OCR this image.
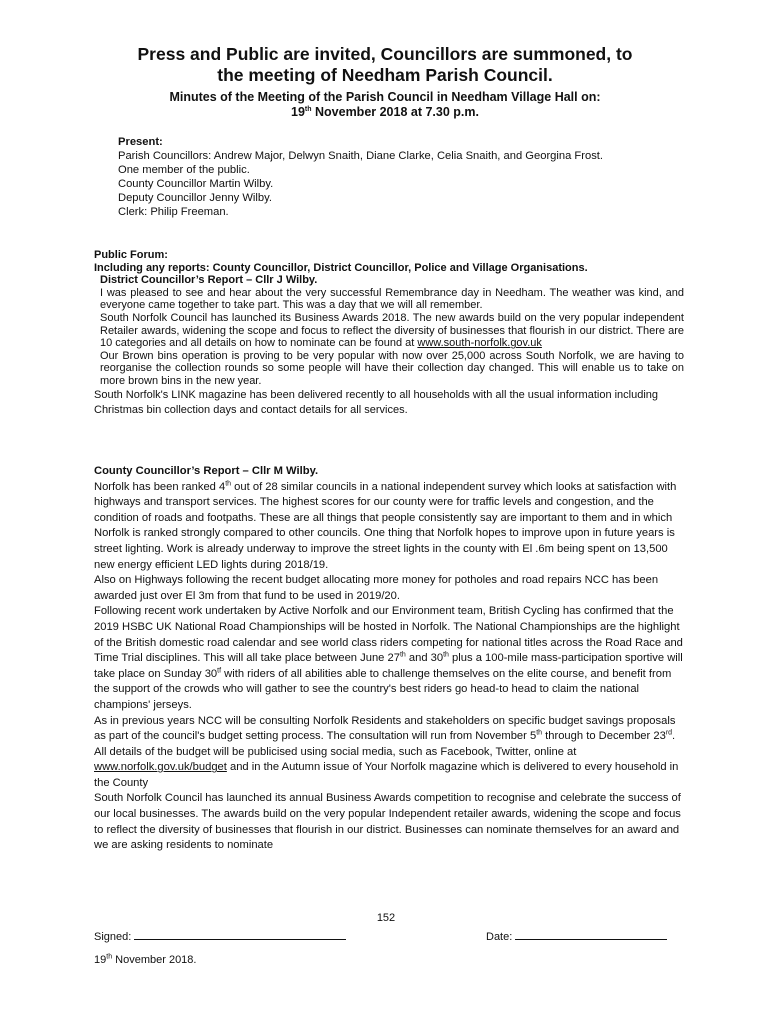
Press and Public are invited, Councillors are summoned, to
the meeting of Needham Parish Council.
Minutes of the Meeting of the Parish Council in Needham Village Hall on:
19th November 2018 at 7.30 p.m.
Present:
Parish Councillors: Andrew Major, Delwyn Snaith, Diane Clarke, Celia Snaith, and Georgina Frost.
One member of the public.
County Councillor Martin Wilby.
Deputy Councillor Jenny Wilby.
Clerk: Philip Freeman.
Public Forum:
Including any reports: County Councillor, District Councillor, Police and Village Organisations.
District Councillor’s Report – Cllr J Wilby.

I was pleased to see and hear about the very successful Remembrance day in Needham. The weather was kind, and everyone came together to take part. This was a day that we will all remember.

South Norfolk Council has launched its Business Awards 2018. The new awards build on the very popular independent Retailer awards, widening the scope and focus to reflect the diversity of businesses that flourish in our district. There are 10 categories and all details on how to nominate can be found at www.south-norfolk.gov.uk

Our Brown bins operation is proving to be very popular with now over 25,000 across South Norfolk, we are having to reorganise the collection rounds so some people will have their collection day changed. This will enable us to take on more brown bins in the new year.

South Norfolk's LINK magazine has been delivered recently to all households with all the usual information including Christmas bin collection days and contact details for all services.

County Councillor’s Report – Cllr M Wilby.

Norfolk has been ranked 4th out of 28 similar councils in a national independent survey which looks at satisfaction with highways and transport services. The highest scores for our county were for traffic levels and congestion, and the condition of roads and footpaths. These are all things that people consistently say are important to them and in which Norfolk is ranked strongly compared to other councils. One thing that Norfolk hopes to improve upon in future years is street lighting. Work is already underway to improve the street lights in the county with El .6m being spent on 13,500 new energy efficient LED lights during 2018/19.

Also on Highways following the recent budget allocating more money for potholes and road repairs NCC has been awarded just over El 3m from that fund to be used in 2019/20.

Following recent work undertaken by Active Norfolk and our Environment team, British Cycling has confirmed that the 2019 HSBC UK National Road Championships will be hosted in Norfolk. The National Championships are the highlight of the British domestic road calendar and see world class riders competing for national titles across the Road Race and Time Trial disciplines. This will all take place between June 27th and 30th plus a 100-mile mass-participation sportive will take place on Sunday $30^{tf}$ with riders of all abilities able to challenge themselves on the elite course, and benefit from the support of the crowds who will gather to see the country's best riders go head-to head to claim the national champions' jerseys.

As in previous years NCC will be consulting Norfolk Residents and stakeholders on specific budget savings proposals as part of the council's budget setting process. The consultation will run from November 5th through to December 23rd. All details of the budget will be publicised using social media, such as Facebook, Twitter, online at www.norfolk.gov.uk/budget and in the Autumn issue of Your Norfolk magazine which is delivered to every household in the County

South Norfolk Council has launched its annual Business Awards competition to recognise and celebrate the success of our local businesses. The awards build on the very popular Independent retailer awards, widening the scope and focus to reflect the diversity of businesses that flourish in our district. Businesses can nominate themselves for an award and we are asking residents to nominate

152
Signed:	Date:
19th November 2018.
